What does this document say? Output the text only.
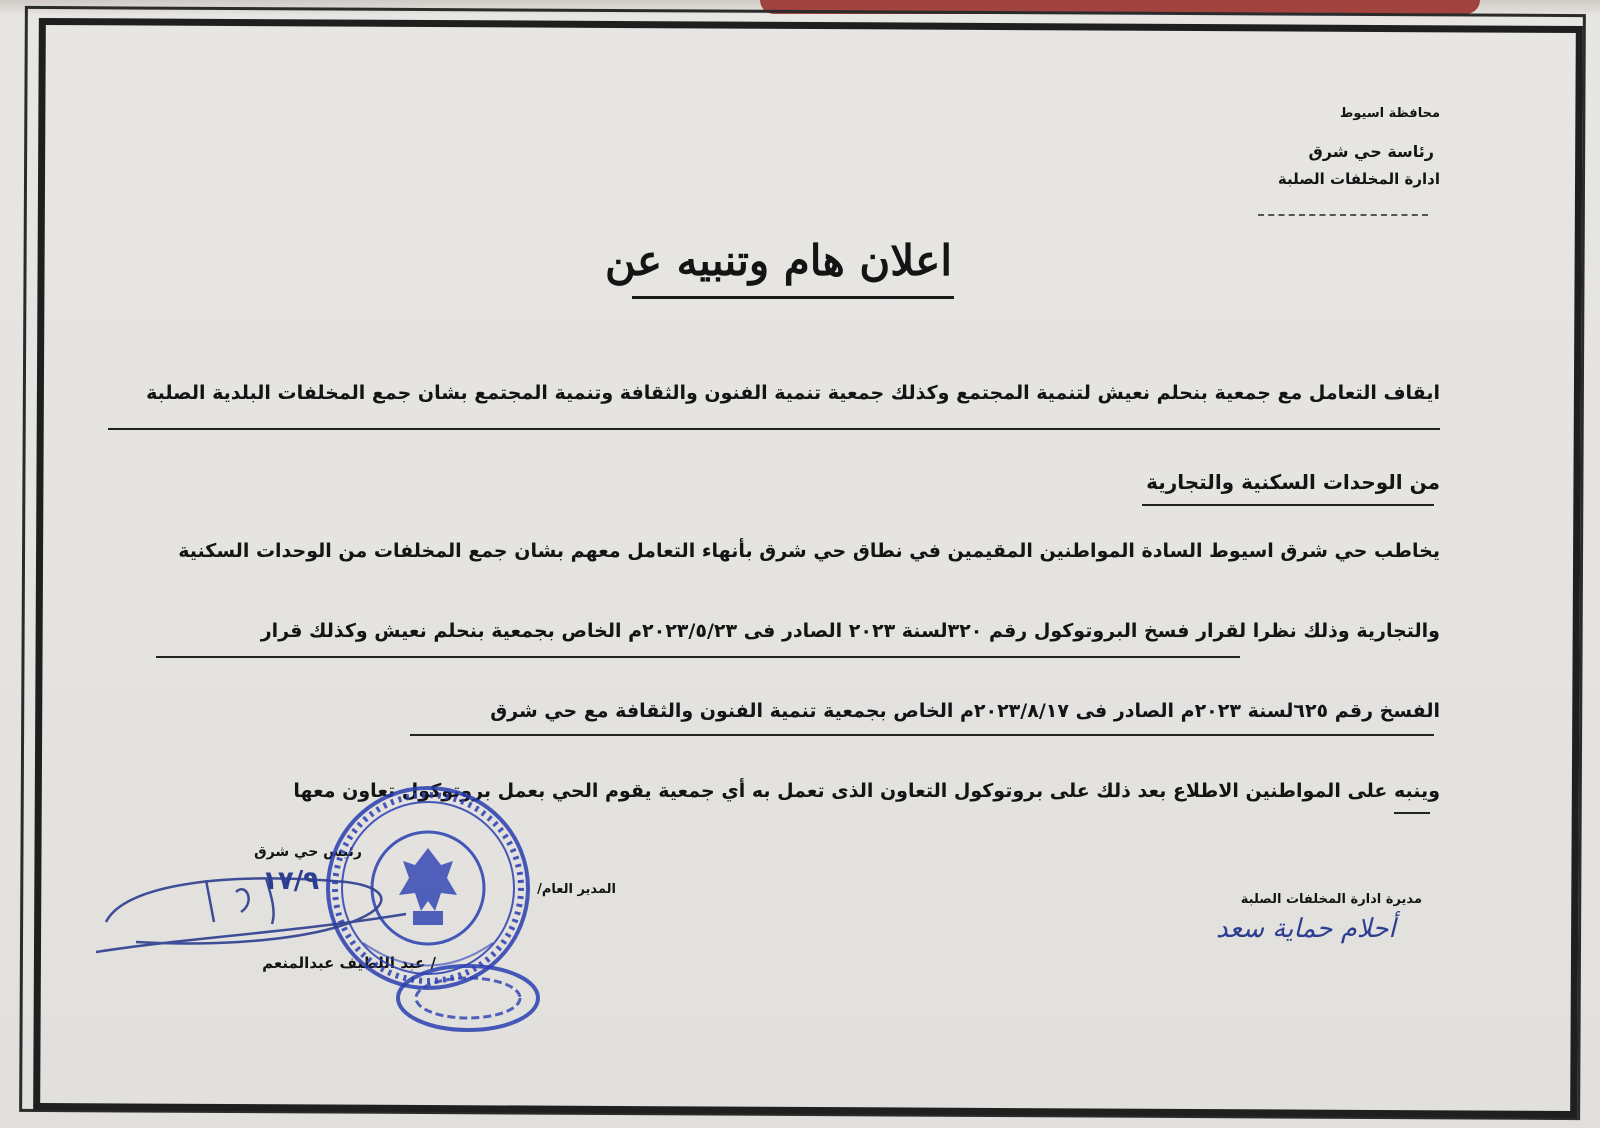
محافظة اسيوط
رئاسة حي شرق
ادارة المخلفات الصلبة
اعلان هام وتنبيه عن
ايقاف التعامل مع جمعية بنحلم نعيش لتنمية المجتمع وكذلك جمعية تنمية الفنون والثقافة وتنمية المجتمع بشان جمع المخلفات البلدية الصلبة
من الوحدات السكنية والتجارية
يخاطب حي شرق اسيوط السادة المواطنين المقيمين في نطاق حي شرق بأنهاء التعامل معهم بشان جمع المخلفات من الوحدات السكنية
والتجارية وذلك نظرا لقرار فسخ البروتوكول رقم ٣٢٠لسنة ٢٠٢٣ الصادر فى ٢٠٢٣/٥/٢٣م الخاص بجمعية بنحلم نعيش وكذلك قرار
الفسخ رقم ٦٢٥لسنة ٢٠٢٣م الصادر فى ٢٠٢٣/٨/١٧م الخاص بجمعية تنمية الفنون والثقافة مع حي شرق
وينبه على المواطنين الاطلاع بعد ذلك على بروتوكول التعاون الذى تعمل به أي جمعية يقوم الحي بعمل بروتوكول تعاون معها
مديرة ادارة المخلفات الصلبة
المدير العام/
رئيس حي شرق
/ عبد اللطيف عبدالمنعم
١٧/٩
أحلام حماية سعد
